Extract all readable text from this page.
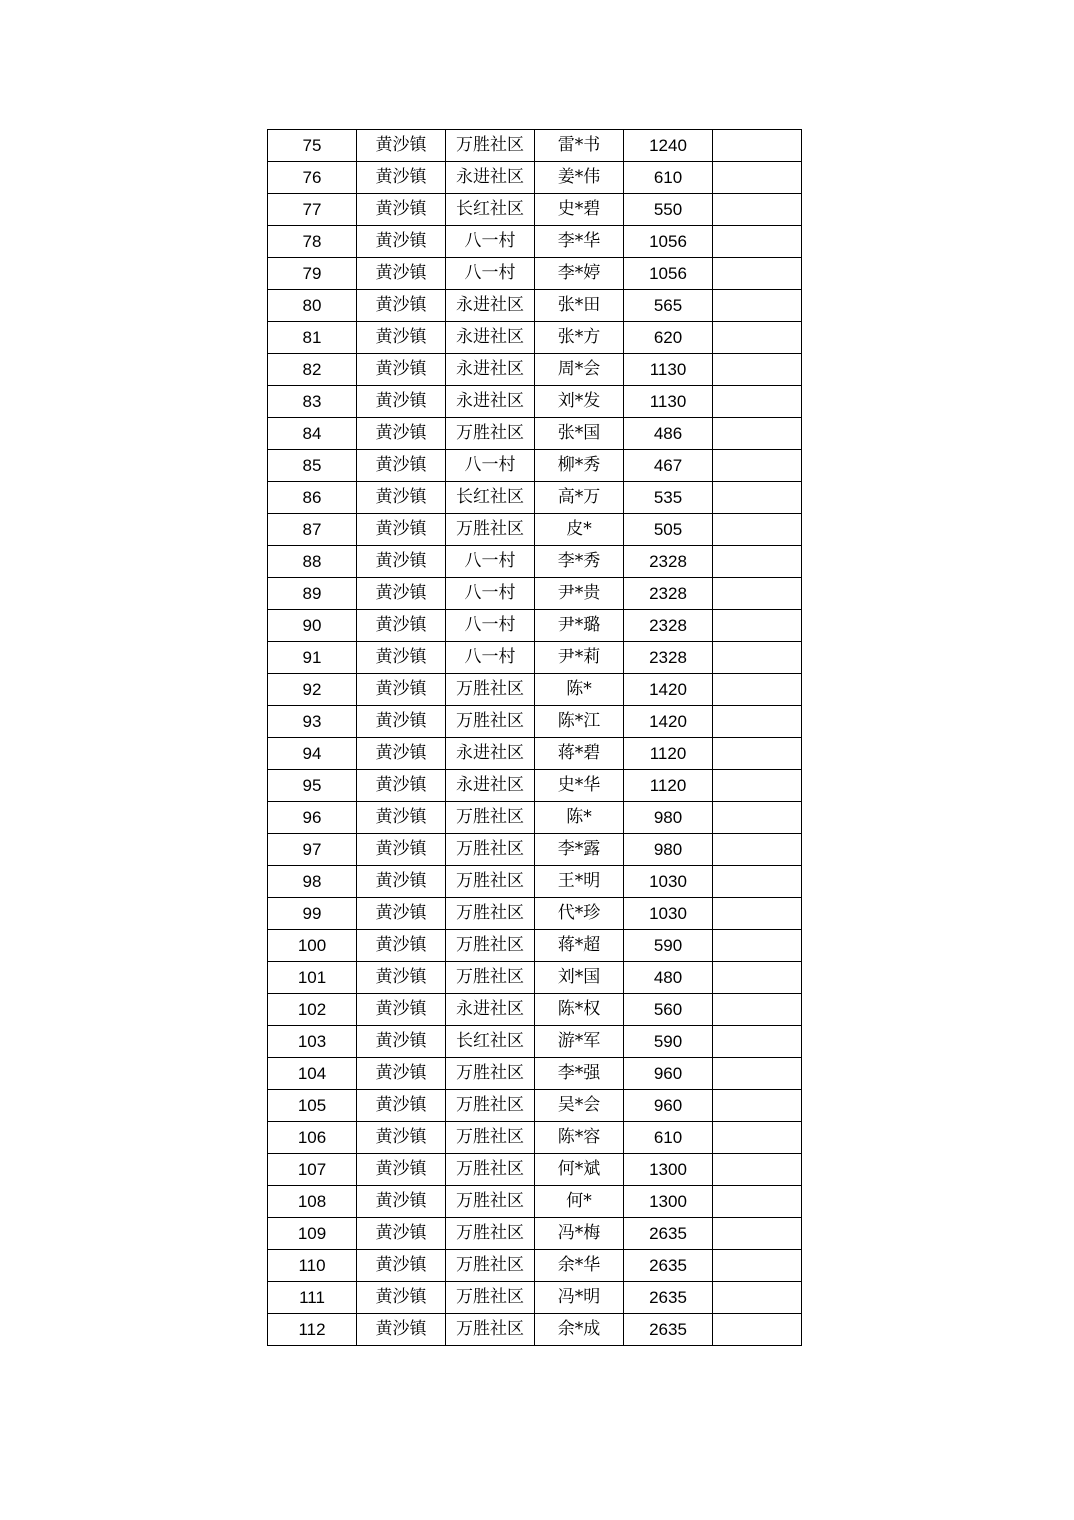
75	黄沙镇	万胜社区	雷*书	1240	
76	黄沙镇	永进社区	姜*伟	610	
77	黄沙镇	长红社区	史*碧	550	
78	黄沙镇	八一村	李*华	1056	
79	黄沙镇	八一村	李*婷	1056	
80	黄沙镇	永进社区	张*田	565	
81	黄沙镇	永进社区	张*方	620	
82	黄沙镇	永进社区	周*会	1130	
83	黄沙镇	永进社区	刘*发	1130	
84	黄沙镇	万胜社区	张*国	486	
85	黄沙镇	八一村	柳*秀	467	
86	黄沙镇	长红社区	高*万	535	
87	黄沙镇	万胜社区	皮*	505	
88	黄沙镇	八一村	李*秀	2328	
89	黄沙镇	八一村	尹*贵	2328	
90	黄沙镇	八一村	尹*璐	2328	
91	黄沙镇	八一村	尹*莉	2328	
92	黄沙镇	万胜社区	陈*	1420	
93	黄沙镇	万胜社区	陈*江	1420	
94	黄沙镇	永进社区	蒋*碧	1120	
95	黄沙镇	永进社区	史*华	1120	
96	黄沙镇	万胜社区	陈*	980	
97	黄沙镇	万胜社区	李*露	980	
98	黄沙镇	万胜社区	王*明	1030	
99	黄沙镇	万胜社区	代*珍	1030	
100	黄沙镇	万胜社区	蒋*超	590	
101	黄沙镇	万胜社区	刘*国	480	
102	黄沙镇	永进社区	陈*权	560	
103	黄沙镇	长红社区	游*军	590	
104	黄沙镇	万胜社区	李*强	960	
105	黄沙镇	万胜社区	吴*会	960	
106	黄沙镇	万胜社区	陈*容	610	
107	黄沙镇	万胜社区	何*斌	1300	
108	黄沙镇	万胜社区	何*	1300	
109	黄沙镇	万胜社区	冯*梅	2635	
110	黄沙镇	万胜社区	余*华	2635	
111	黄沙镇	万胜社区	冯*明	2635	
112	黄沙镇	万胜社区	余*成	2635	
